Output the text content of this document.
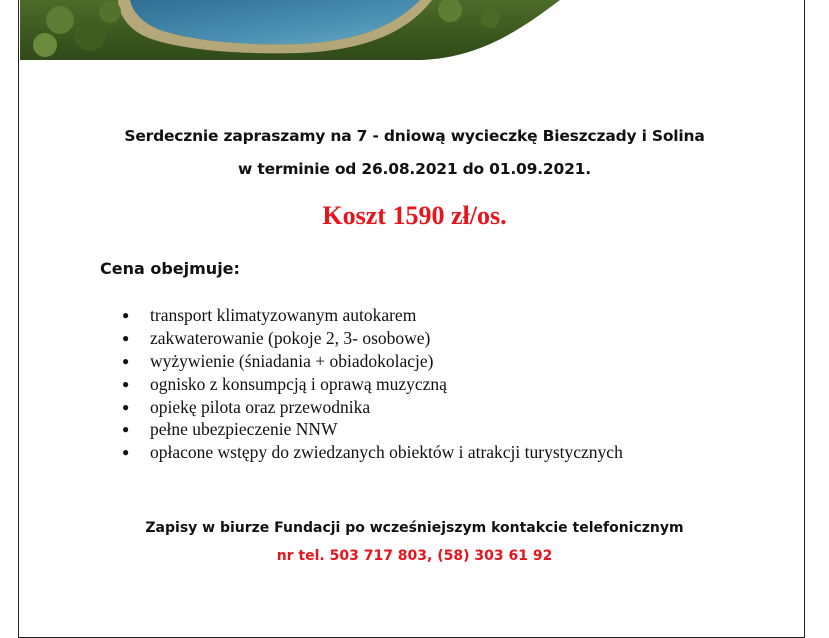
Serdecznie zapraszamy na 7 - dniową wycieczkę Bieszczady i Solina
w terminie od 26.08.2021 do 01.09.2021.
Koszt 1590 zł/os.
Cena obejmuje:
● transport klimatyzowanym autokarem
● zakwaterowanie (pokoje 2, 3- osobowe)
● wyżywienie (śniadania + obiadokolacje)
● ognisko z konsumpcją i oprawą muzyczną
● opiekę pilota oraz przewodnika
● pełne ubezpieczenie NNW
● opłacone wstępy do zwiedzanych obiektów i atrakcji turystycznych
Zapisy w biurze Fundacji po wcześniejszym kontakcie telefonicznym
nr tel. 503 717 803, (58) 303 61 92
